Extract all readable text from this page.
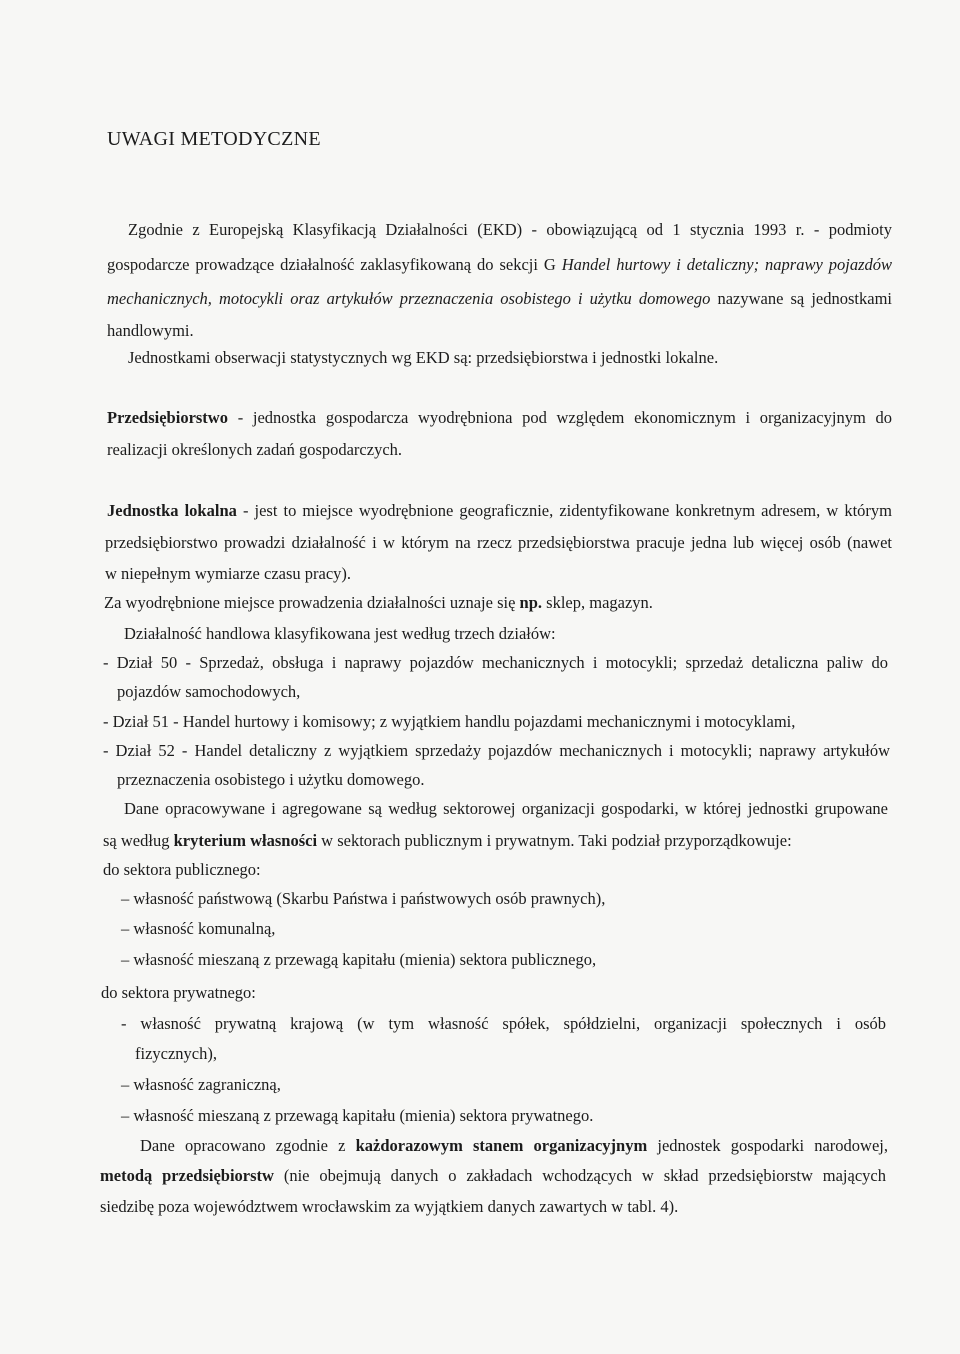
UWAGI METODYCZNE
Zgodnie z Europejską Klasyfikacją Działalności (EKD) - obowiązującą od 1 stycznia 1993 r. - podmioty
gospodarcze prowadzące działalność zaklasyfikowaną do sekcji G Handel hurtowy i detaliczny; naprawy pojazdów
mechanicznych, motocykli oraz artykułów przeznaczenia osobistego i użytku domowego nazywane są jednostkami
handlowymi.
Jednostkami obserwacji statystycznych wg EKD są: przedsiębiorstwa i jednostki lokalne.
Przedsiębiorstwo - jednostka gospodarcza wyodrębniona pod względem ekonomicznym i organizacyjnym do
realizacji określonych zadań gospodarczych.
Jednostka lokalna - jest to miejsce wyodrębnione geograficznie, zidentyfikowane konkretnym adresem, w którym
przedsiębiorstwo prowadzi działalność i w którym na rzecz przedsiębiorstwa pracuje jedna lub więcej osób (nawet
w niepełnym wymiarze czasu pracy).
Za wyodrębnione miejsce prowadzenia działalności uznaje się np. sklep, magazyn.
Działalność handlowa klasyfikowana jest według trzech działów:
- Dział 50 - Sprzedaż, obsługa i naprawy pojazdów mechanicznych i motocykli; sprzedaż detaliczna paliw do
pojazdów samochodowych,
- Dział 51 - Handel hurtowy i komisowy; z wyjątkiem handlu pojazdami mechanicznymi i motocyklami,
- Dział 52 - Handel detaliczny z wyjątkiem sprzedaży pojazdów mechanicznych i motocykli; naprawy artykułów
przeznaczenia osobistego i użytku domowego.
Dane opracowywane i agregowane są według sektorowej organizacji gospodarki, w której jednostki grupowane
są według kryterium własności w sektorach publicznym i prywatnym. Taki podział przyporządkowuje:
do sektora publicznego:
– własność państwową (Skarbu Państwa i państwowych osób prawnych),
– własność komunalną,
– własność mieszaną z przewagą kapitału (mienia) sektora publicznego,
do sektora prywatnego:
- własność prywatną krajową (w tym własność spółek, spółdzielni, organizacji społecznych i osób
fizycznych),
– własność zagraniczną,
– własność mieszaną z przewagą kapitału (mienia) sektora prywatnego.
Dane opracowano zgodnie z każdorazowym stanem organizacyjnym jednostek gospodarki narodowej,
metodą przedsiębiorstw (nie obejmują danych o zakładach wchodzących w skład przedsiębiorstw mających
siedzibę poza województwem wrocławskim za wyjątkiem danych zawartych w tabl. 4).
